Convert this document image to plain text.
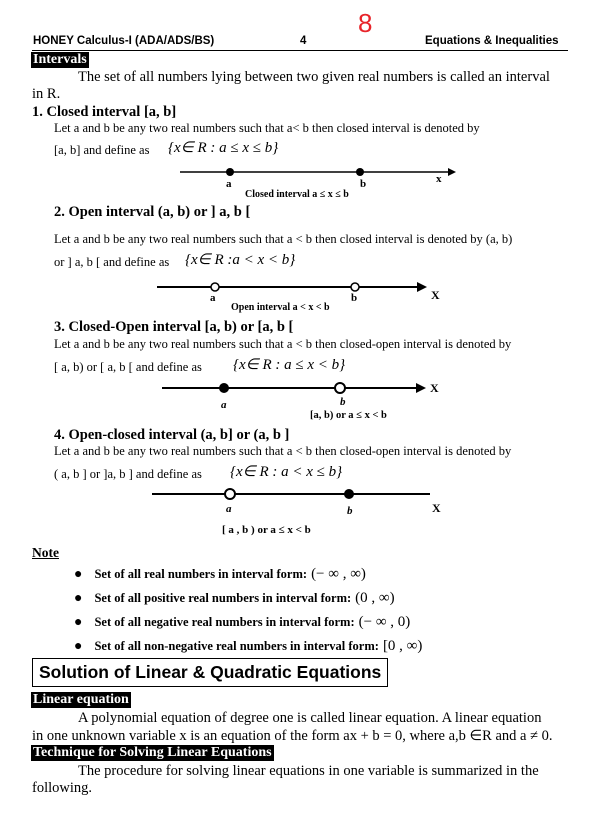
HONEY Calculus-I (ADA/ADS/BS)	4
8
Equations & Inequalities
Intervals
The set of all numbers lying between two given real numbers is called an interval
in R.
1. Closed interval [a, b]
Let a and b be any two real numbers such that a< b then closed interval is denoted by
[a, b] and define as {x∈ R : a ≤ x ≤ b}
a	b	x
Closed interval a ≤ x ≤ b
2. Open interval (a, b) or ] a, b [
Let a and b be any two real numbers such that a < b then closed interval is denoted by (a, b)
or ] a, b [ and define as {x∈ R :a < x < b}
a	b	X
Open interval a < x < b
3. Closed-Open interval [a, b) or [a, b [
Let a and b be any two real numbers such that a < b then closed-open interval is denoted by
[ a, b) or [ a, b [ and define as {x∈ R : a ≤ x < b}
X
a	b
[a, b) or a ≤ x < b
4. Open-closed interval (a, b] or (a, b ]
Let a and b be any two real numbers such that a < b then closed-open interval is denoted by
( a, b ] or ]a, b ] and define as {x∈ R : a < x ≤ b}
X
a	b
[ a , b ) or a ≤ x < b
Note
● Set of all real numbers in interval form: (− ∞ , ∞)
● Set of all positive real numbers in interval form: (0 , ∞)
● Set of all negative real numbers in interval form: (− ∞ , 0)
● Set of all non-negative real numbers in interval form: [0 , ∞)
Solution of Linear & Quadratic Equations
Linear equation
A polynomial equation of degree one is called linear equation. A linear equation
in one unknown variable x is an equation of the form ax + b = 0, where a,b ∈R and a ≠ 0.
Technique for Solving Linear Equations
The procedure for solving linear equations in one variable is summarized in the
following.
